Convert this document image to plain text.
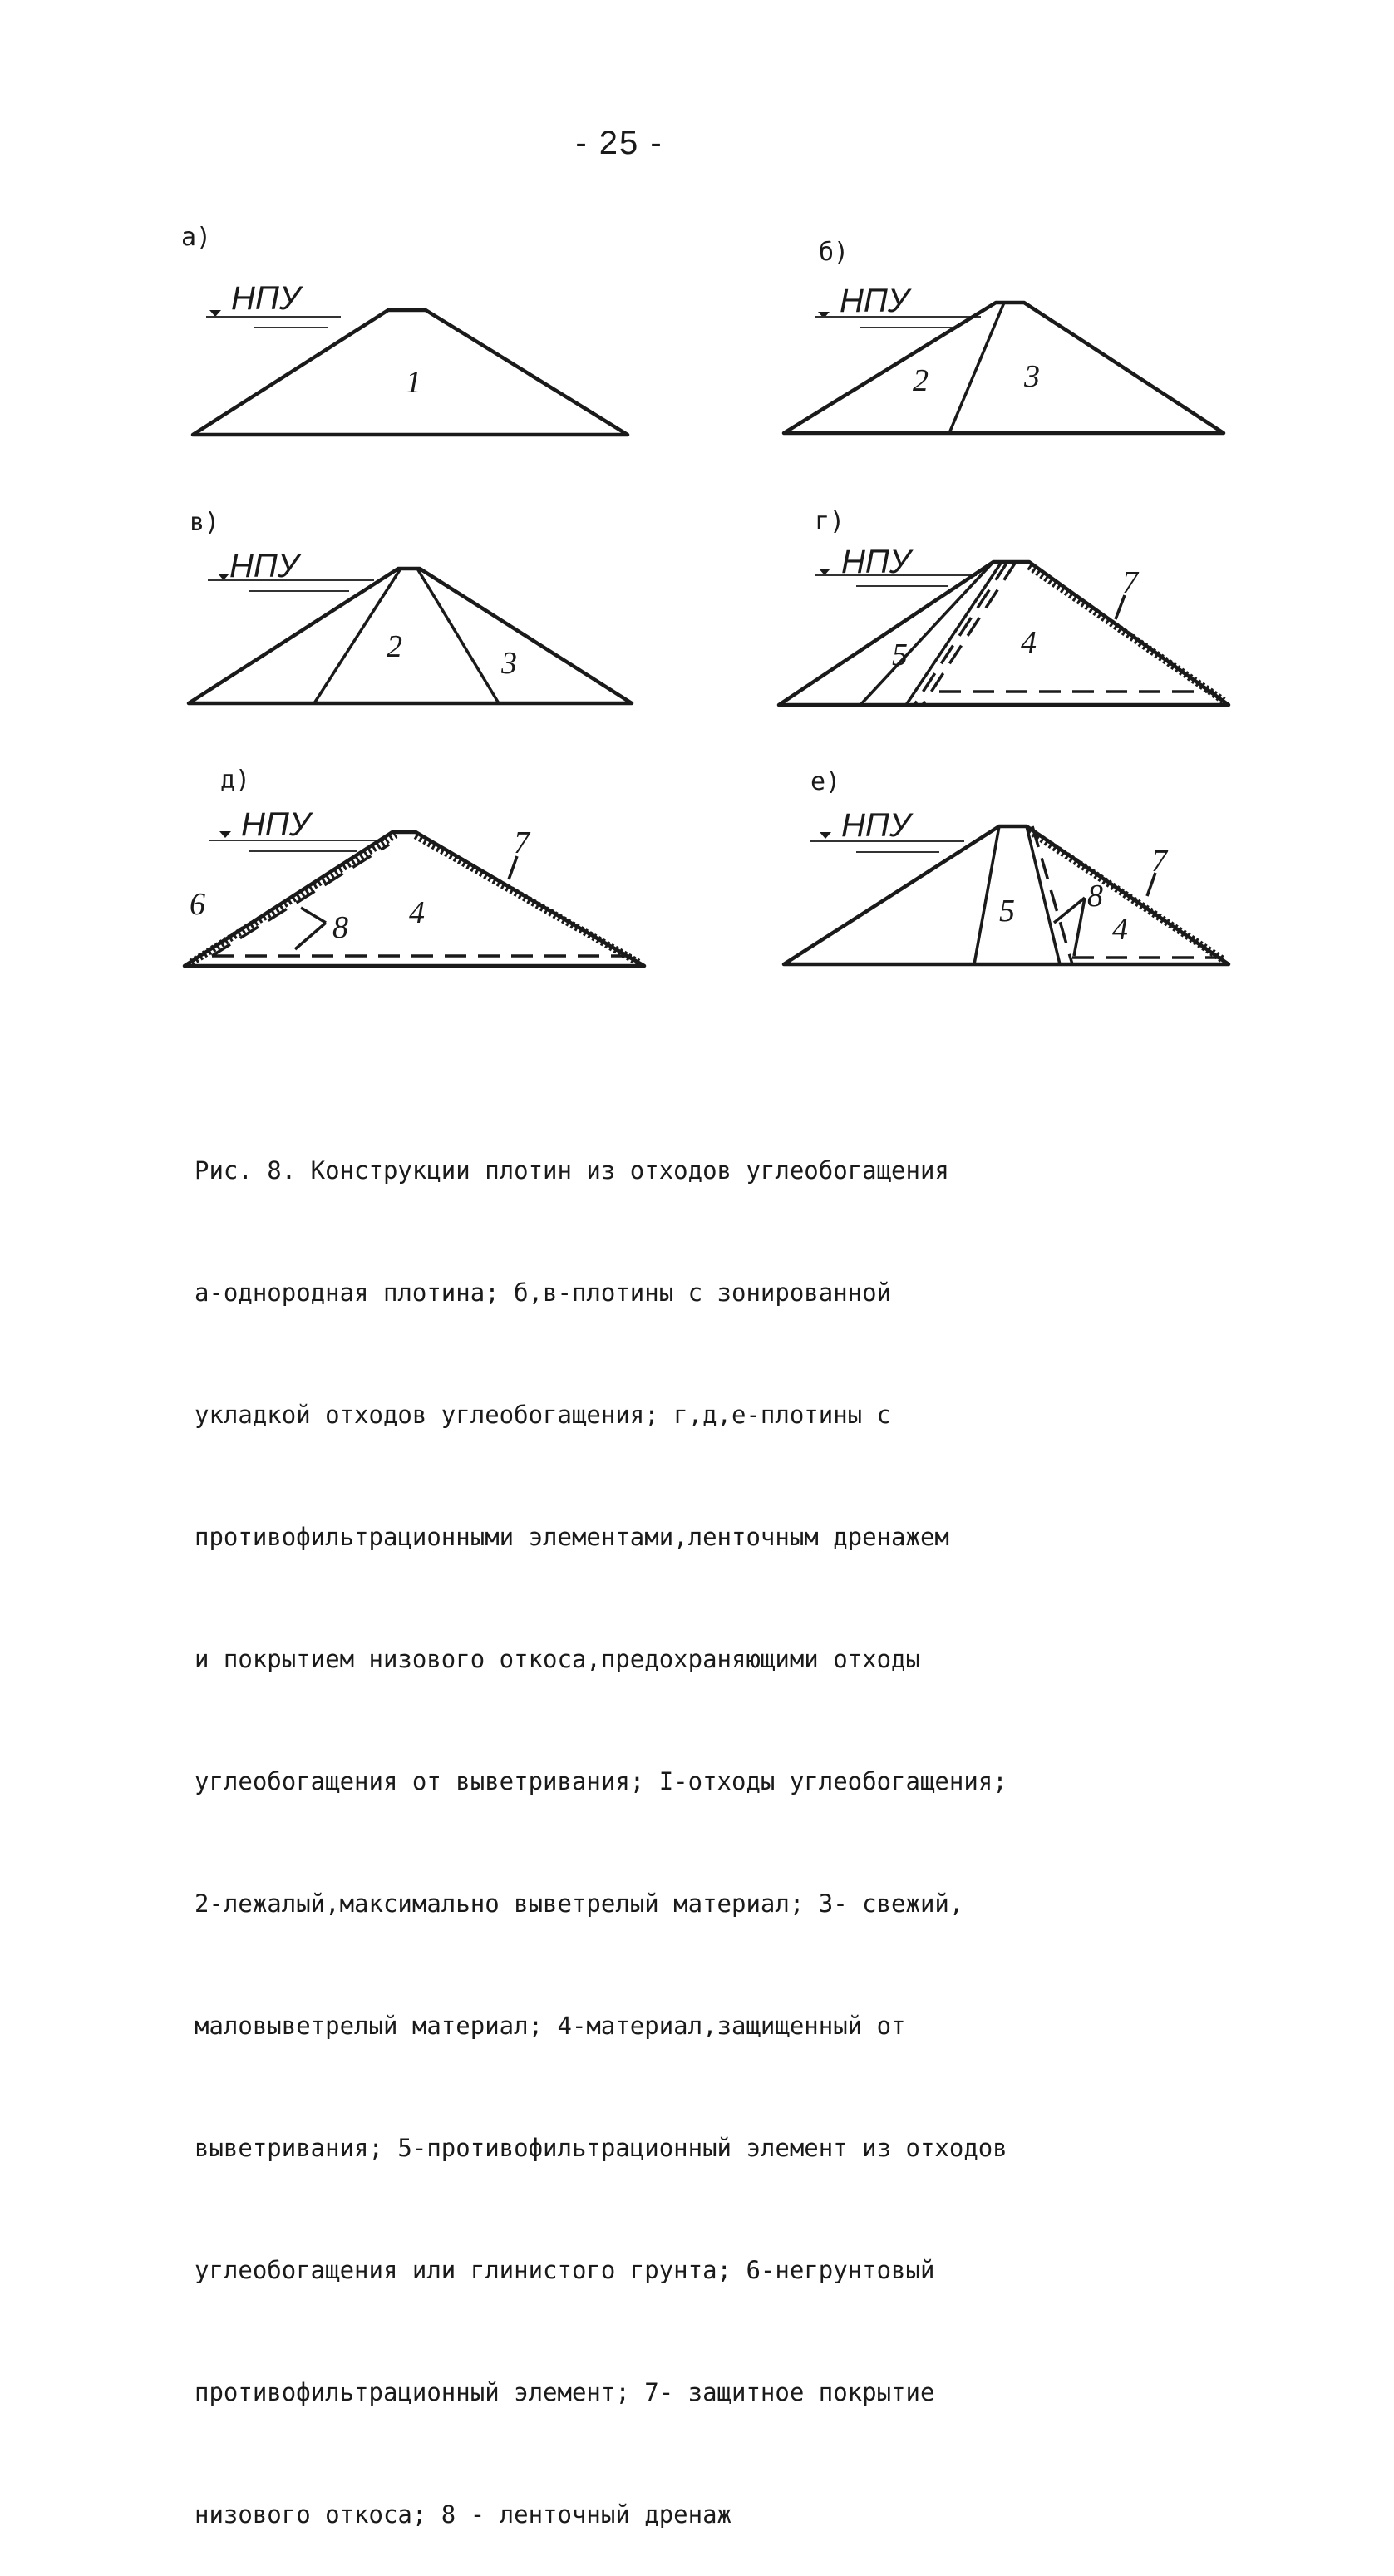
- 25 -
а)
НПУ
1
б)
НПУ
2	3
в)
НПУ
2	3
г)
НПУ
5	4
7
д)
НПУ
6
8 4
7
е)
НПУ
5 8
4
7

Рис. 8. Конструкции плотин из отходов углеобогащения

а-однородная плотина; б,в-плотины с зонированной

укладкой отходов углеобогащения; г,д,е-плотины с

противофильтрационными элементами,ленточным дренажем

и покрытием низового откоса,предохраняющими отходы

углеобогащения от выветривания; I-отходы углеобогащения;

2-лежалый,максимально выветрелый материал; 3- свежий,

маловыветрелый материал; 4-материал,защищенный от

выветривания; 5-противофильтрационный элемент из отходов

углеобогащения или глинистого грунта; 6-негрунтовый

противофильтрационный элемент; 7- защитное покрытие

низового откоса; 8 - ленточный дренаж
